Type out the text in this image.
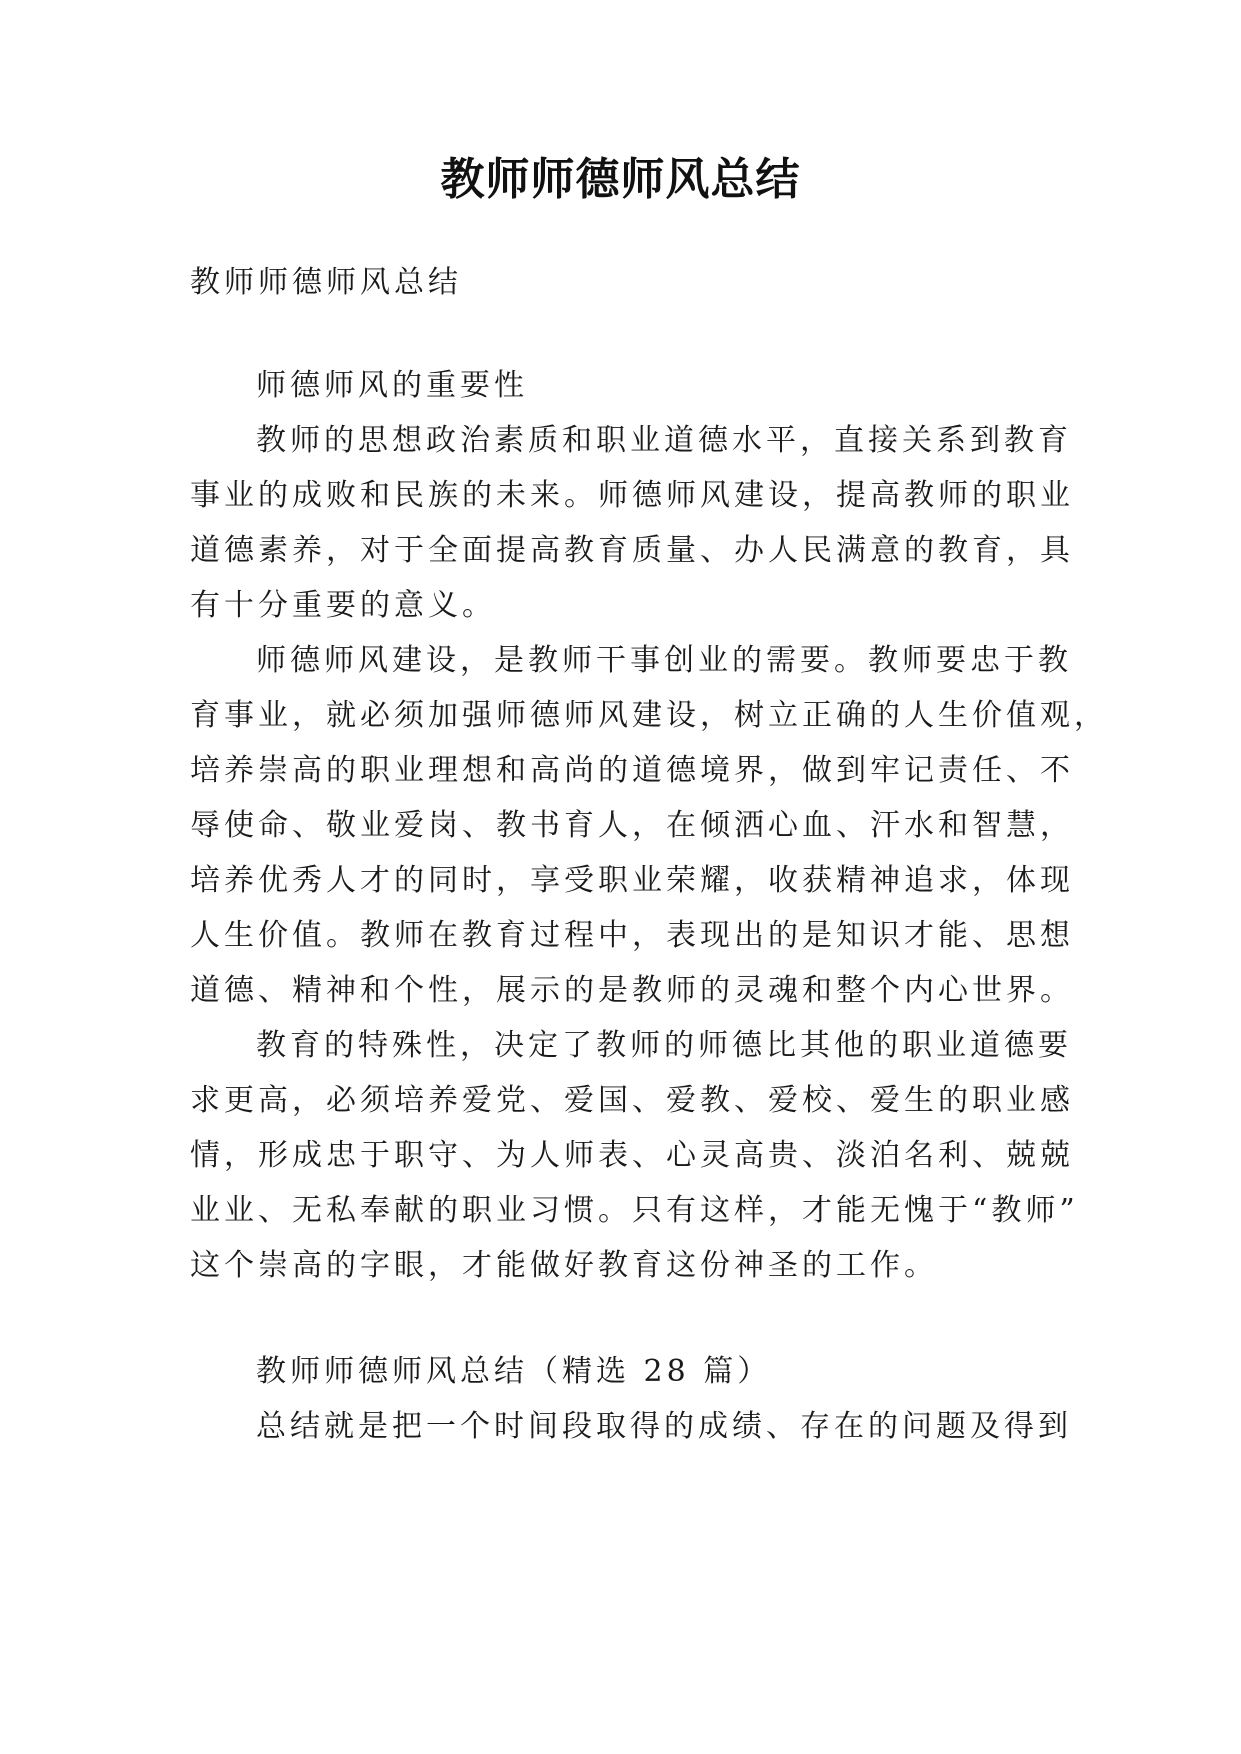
教师师德师风总结
教师师德师风总结
师德师风的重要性
教师的思想政治素质和职业道德水平，直接关系到教育
事业的成败和民族的未来。师德师风建设，提高教师的职业
道德素养，对于全面提高教育质量、办人民满意的教育，具
有十分重要的意义。
师德师风建设，是教师干事创业的需要。教师要忠于教
育事业，就必须加强师德师风建设，树立正确的人生价值观，
培养崇高的职业理想和高尚的道德境界，做到牢记责任、不
辱使命、敬业爱岗、教书育人，在倾洒心血、汗水和智慧，
培养优秀人才的同时，享受职业荣耀，收获精神追求，体现
人生价值。教师在教育过程中，表现出的是知识才能、思想
道德、精神和个性，展示的是教师的灵魂和整个内心世界。
教育的特殊性，决定了教师的师德比其他的职业道德要
求更高，必须培养爱党、爱国、爱教、爱校、爱生的职业感
情，形成忠于职守、为人师表、心灵高贵、淡泊名利、兢兢
业业、无私奉献的职业习惯。只有这样，才能无愧于“教师”
这个崇高的字眼，才能做好教育这份神圣的工作。
教师师德师风总结（精选 28 篇）
总结就是把一个时间段取得的成绩、存在的问题及得到
